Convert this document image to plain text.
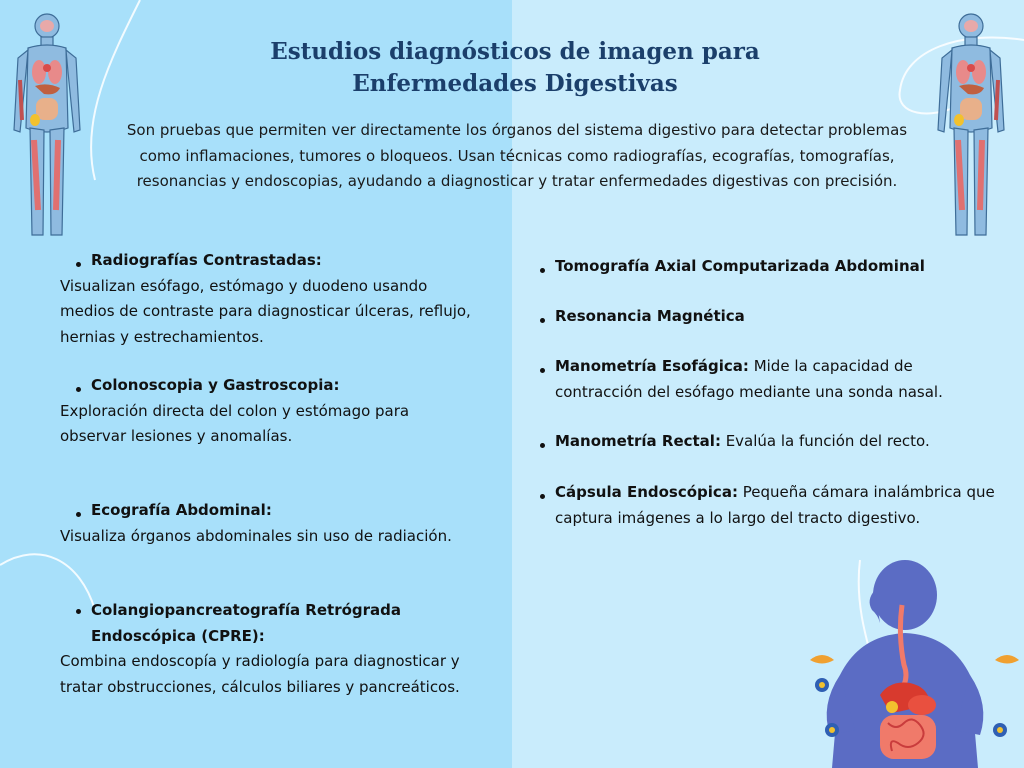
Estudios diagnósticos de imagen para
Enfermedades Digestivas

Son pruebas que permiten ver directamente los órganos del sistema digestivo para detectar problemas como inflamaciones, tumores o bloqueos. Usan técnicas como radiografías, ecografías, tomografías, resonancias y endoscopias, ayudando a diagnosticar y tratar enfermedades digestivas con precisión.

Radiografías Contrastadas:

Visualizan esófago, estómago y duodeno usando medios de contraste para diagnosticar úlceras, reflujo, hernias y estrechamientos.
Colonoscopia y Gastroscopia:
Exploración directa del colon y estómago para observar lesiones y anomalías.
Ecografía Abdominal:
Visualiza órganos abdominales sin uso de radiación.
Colangiopancreatografía Retrógrada Endoscópica (CPRE):
Combina endoscopía y radiología para diagnosticar y tratar obstrucciones, cálculos biliares y pancreáticos.
Tomografía Axial Computarizada Abdominal
Resonancia Magnética
Manometría Esofágica: Mide la capacidad de contracción del esófago mediante una sonda nasal.
Manometría Rectal: Evalúa la función del recto.
Cápsula Endoscópica: Pequeña cámara inalámbrica que captura imágenes a lo largo del tracto digestivo.
